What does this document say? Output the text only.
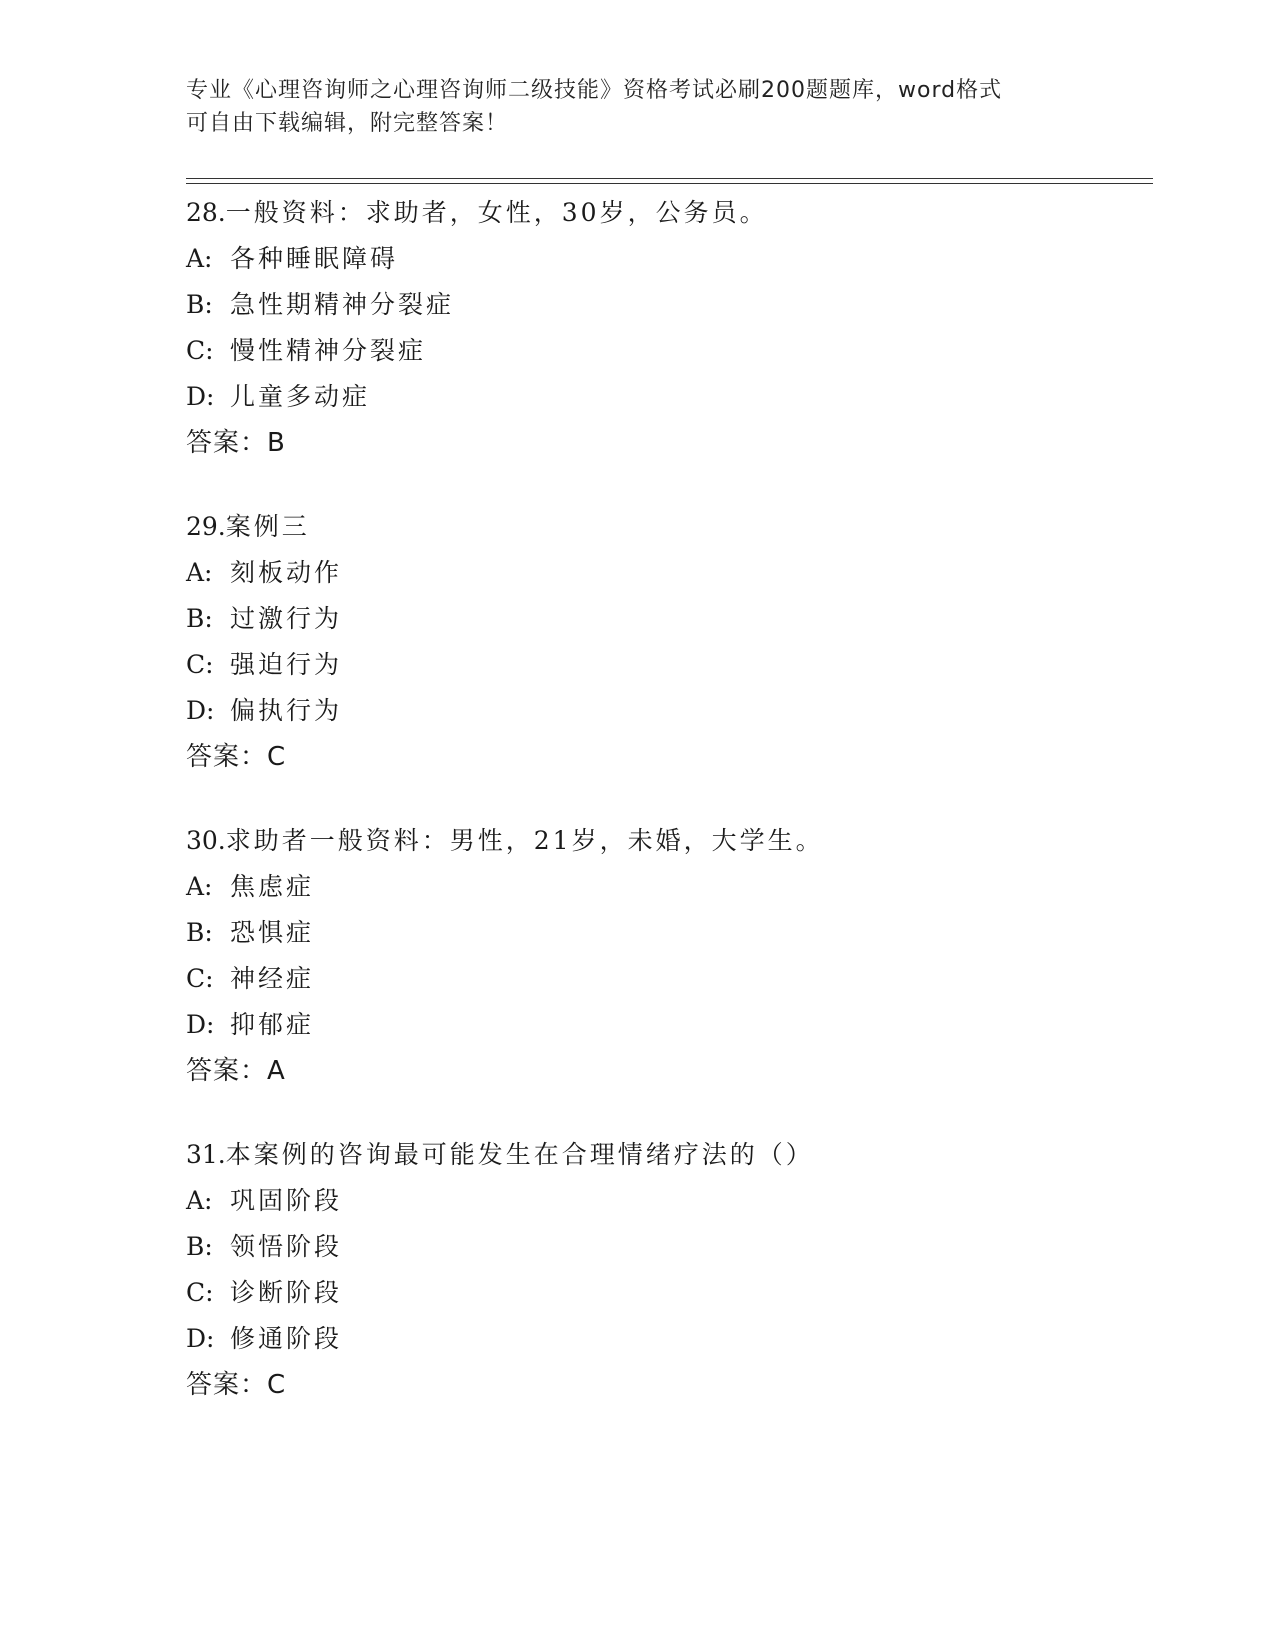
专业《心理咨询师之心理咨询师二级技能》资格考试必刷200题题库，word格式
可自由下载编辑，附完整答案！
28.一般资料：求助者，女性，30岁，公务员。
A: 各种睡眠障碍
B: 急性期精神分裂症
C: 慢性精神分裂症
D: 儿童多动症
答案：B
29.案例三
A: 刻板动作
B: 过激行为
C: 强迫行为
D: 偏执行为
答案：C
30.求助者一般资料：男性，21岁，未婚，大学生。
A: 焦虑症
B: 恐惧症
C: 神经症
D: 抑郁症
答案：A
31.本案例的咨询最可能发生在合理情绪疗法的（）
A: 巩固阶段
B: 领悟阶段
C: 诊断阶段
D: 修通阶段
答案：C
